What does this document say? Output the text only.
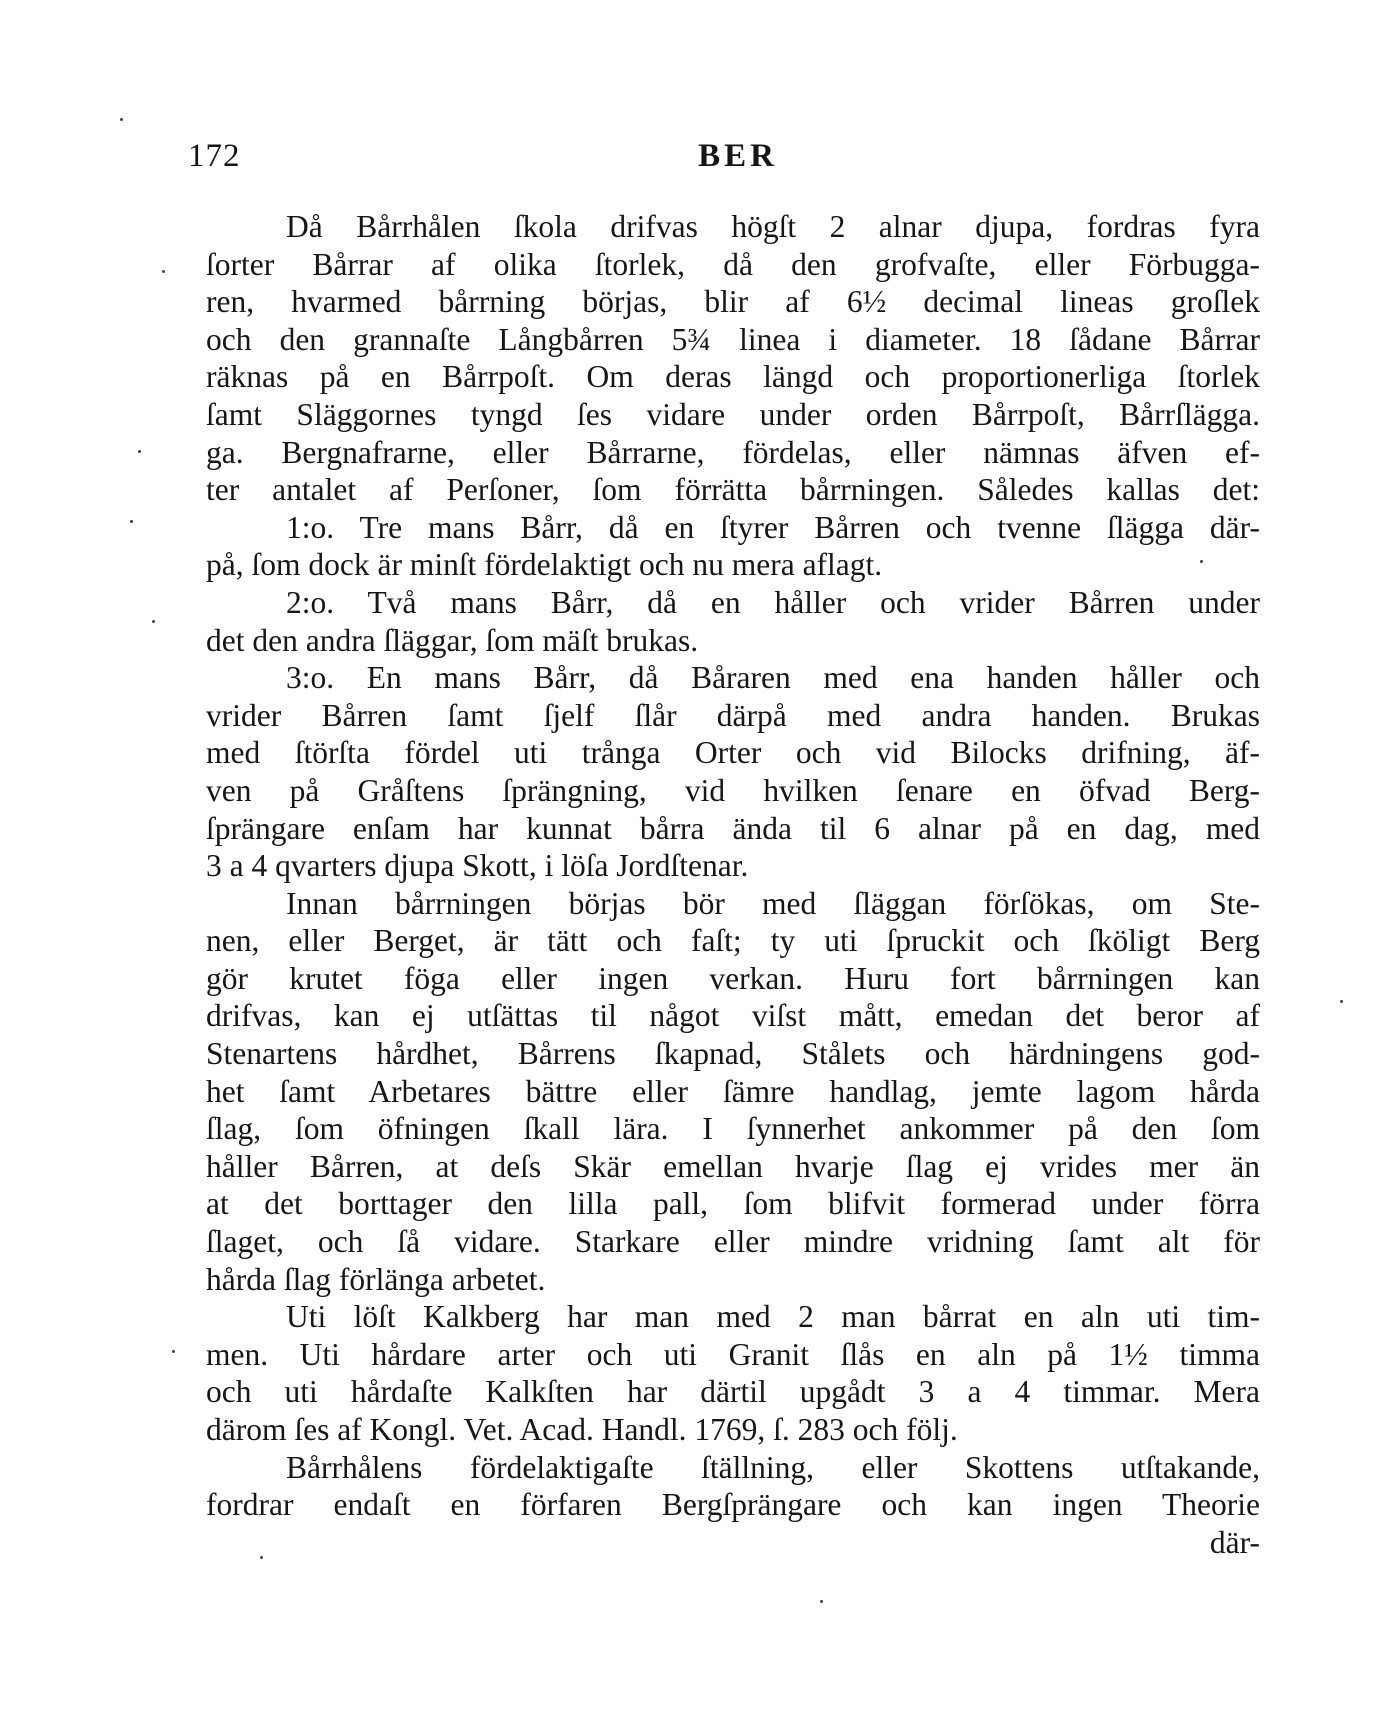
172	BER
Då Bårrhålen ſkola drifvas högſt 2 alnar djupa, fordras fyra
ſorter Bårrar af olika ſtorlek, då den grofvaſte, eller Förbugga-
ren, hvarmed bårrning börjas, blir af 6½ decimal lineas groſlek
och den grannaſte Långbårren 5¾ linea i diameter. 18 ſådane Bårrar
räknas på en Bårrpoſt. Om deras längd och proportionerliga ſtorlek
ſamt Släggornes tyngd ſes vidare under orden Bårrpoſt, Bårrſlägga.
ga. Bergnafrarne, eller Bårrarne, fördelas, eller nämnas äfven ef-
ter antalet af Perſoner, ſom förrätta bårrningen. Således kallas det:
1:o. Tre mans Bårr, då en ſtyrer Bårren och tvenne ſlägga där-
på, ſom dock är minſt fördelaktigt och nu mera aflagt.
2:o. Två mans Bårr, då en håller och vrider Bårren under
det den andra ſläggar, ſom mäſt brukas.
3:o. En mans Bårr, då Båraren med ena handen håller och
vrider Bårren ſamt ſjelf ſlår därpå med andra handen. Brukas
med ſtörſta fördel uti trånga Orter och vid Bilocks drifning, äf-
ven på Gråſtens ſprängning, vid hvilken ſenare en öfvad Berg-
ſprängare enſam har kunnat bårra ända til 6 alnar på en dag, med
3 a 4 qvarters djupa Skott, i löſa Jordſtenar.
Innan bårrningen börjas bör med ſläggan förſökas, om Ste-
nen, eller Berget, är tätt och faſt; ty uti ſpruckit och ſköligt Berg
gör krutet föga eller ingen verkan. Huru fort bårrningen kan
drifvas, kan ej utſättas til något viſst mått, emedan det beror af
Stenartens hårdhet, Bårrens ſkapnad, Stålets och härdningens god-
het ſamt Arbetares bättre eller ſämre handlag, jemte lagom hårda
ſlag, ſom öfningen ſkall lära. I ſynnerhet ankommer på den ſom
håller Bårren, at deſs Skär emellan hvarje ſlag ej vrides mer än
at det borttager den lilla pall, ſom blifvit formerad under förra
ſlaget, och ſå vidare. Starkare eller mindre vridning ſamt alt för
hårda ſlag förlänga arbetet.
Uti löſt Kalkberg har man med 2 man bårrat en aln uti tim-
men. Uti hårdare arter och uti Granit ſlås en aln på 1½ timma
och uti hårdaſte Kalkſten har därtil upgådt 3 a 4 timmar. Mera
därom ſes af Kongl. Vet. Acad. Handl. 1769, ſ. 283 och följ.
Bårrhålens fördelaktigaſte ſtällning, eller Skottens utſtakande,
fordrar endaſt en förfaren Bergſprängare och kan ingen Theorie
där-
